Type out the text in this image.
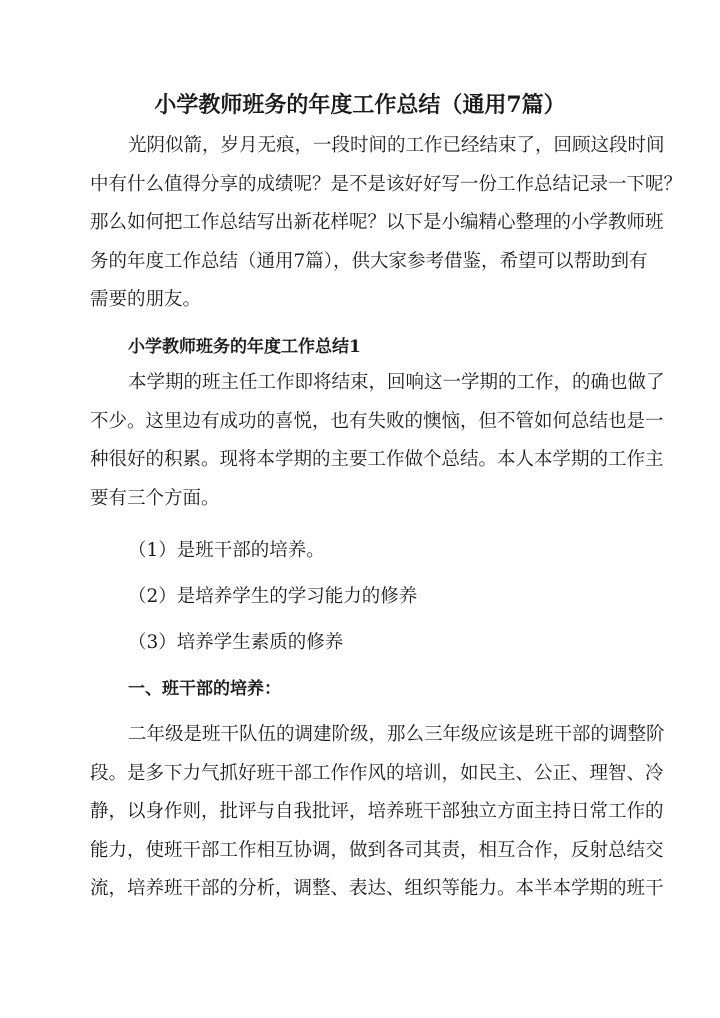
小学教师班务的年度工作总结（通用7篇）
光阴似箭，岁月无痕，一段时间的工作已经结束了，回顾这段时间
中有什么值得分享的成绩呢？是不是该好好写一份工作总结记录一下呢？
那么如何把工作总结写出新花样呢？以下是小编精心整理的小学教师班
务的年度工作总结（通用7篇），供大家参考借鉴，希望可以帮助到有
需要的朋友。
小学教师班务的年度工作总结1
本学期的班主任工作即将结束，回响这一学期的工作，的确也做了
不少。这里边有成功的喜悦，也有失败的懊恼，但不管如何总结也是一
种很好的积累。现将本学期的主要工作做个总结。本人本学期的工作主
要有三个方面。
（1）是班干部的培养。
（2）是培养学生的学习能力的修养
（3）培养学生素质的修养
一、班干部的培养：
二年级是班干队伍的调建阶级，那么三年级应该是班干部的调整阶
段。是多下力气抓好班干部工作作风的培训，如民主、公正、理智、冷
静，以身作则，批评与自我批评，培养班干部独立方面主持日常工作的
能力，使班干部工作相互协调，做到各司其责，相互合作，反射总结交
流，培养班干部的分析，调整、表达、组织等能力。本半本学期的班干
